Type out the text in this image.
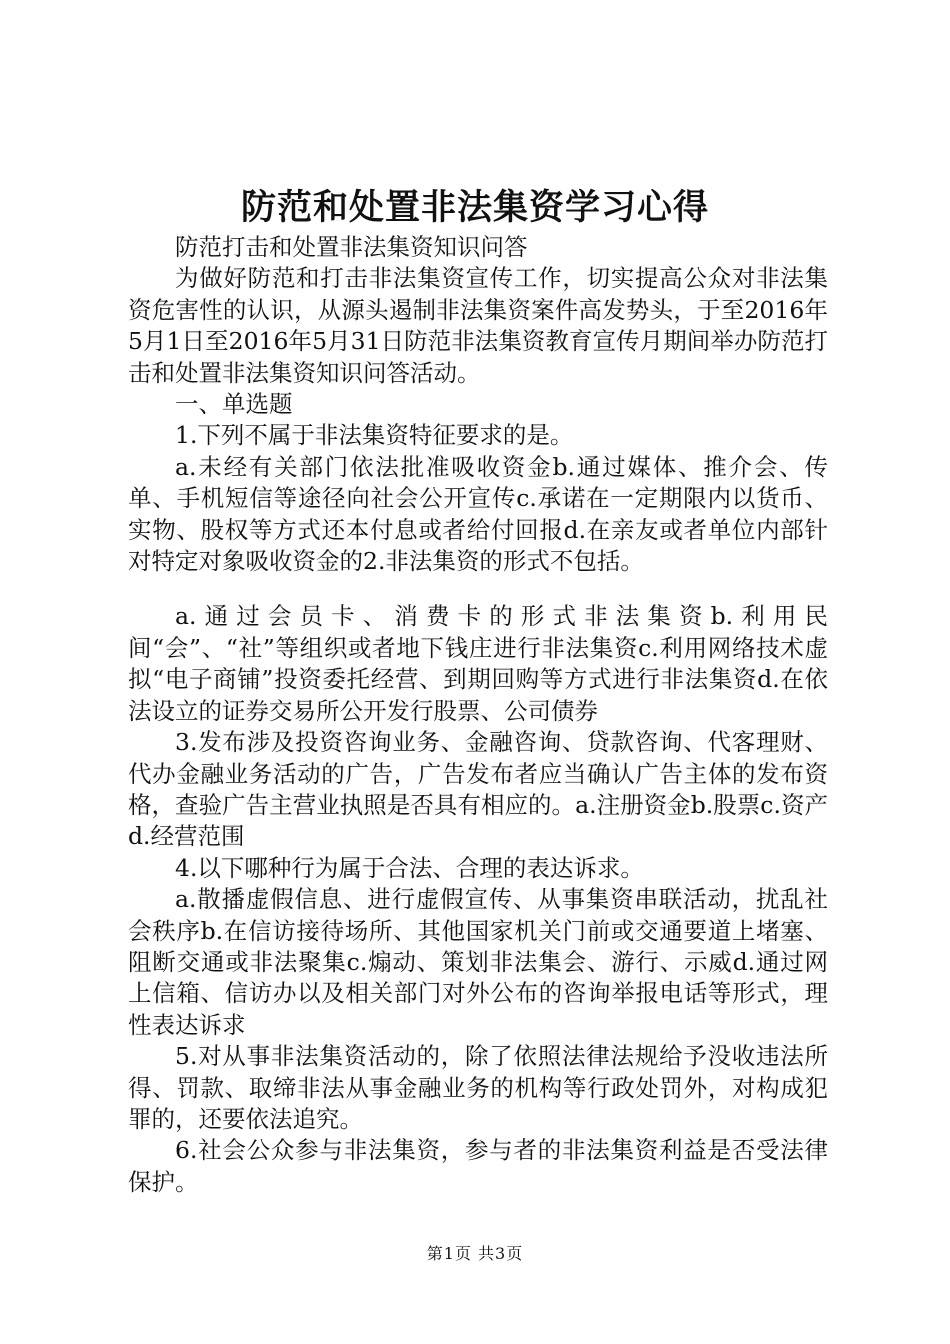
防范和处置非法集资学习心得

防范打击和处置非法集资知识问答

为做好防范和打击非法集资宣传工作，切实提高公众对非法集资危害性的认识，从源头遏制非法集资案件高发势头，于至2016年5月1日至2016年5月31日防范非法集资教育宣传月期间举办防范打击和处置非法集资知识问答活动。

一、单选题

1.下列不属于非法集资特征要求的是。

a.未经有关部门依法批准吸收资金b.通过媒体、推介会、传单、手机短信等途径向社会公开宣传c.承诺在一定期限内以货币、实物、股权等方式还本付息或者给付回报d.在亲友或者单位内部针对特定对象吸收资金的2.非法集资的形式不包括。

a.通过会员卡、消费卡的形式非法集资b.利用民间“会”、“社”等组织或者地下钱庄进行非法集资c.利用网络技术虚拟“电子商铺”投资委托经营、到期回购等方式进行非法集资d.在依法设立的证券交易所公开发行股票、公司债券

3.发布涉及投资咨询业务、金融咨询、贷款咨询、代客理财、代办金融业务活动的广告，广告发布者应当确认广告主体的发布资格，查验广告主营业执照是否具有相应的。a.注册资金b.股票c.资产d.经营范围

4.以下哪种行为属于合法、合理的表达诉求。

a.散播虚假信息、进行虚假宣传、从事集资串联活动，扰乱社会秩序b.在信访接待场所、其他国家机关门前或交通要道上堵塞、阻断交通或非法聚集c.煽动、策划非法集会、游行、示威d.通过网上信箱、信访办以及相关部门对外公布的咨询举报电话等形式，理性表达诉求

5.对从事非法集资活动的，除了依照法律法规给予没收违法所得、罚款、取缔非法从事金融业务的机构等行政处罚外，对构成犯罪的，还要依法追究。

6.社会公众参与非法集资，参与者的非法集资利益是否受法律保护。

第1页 共3页
